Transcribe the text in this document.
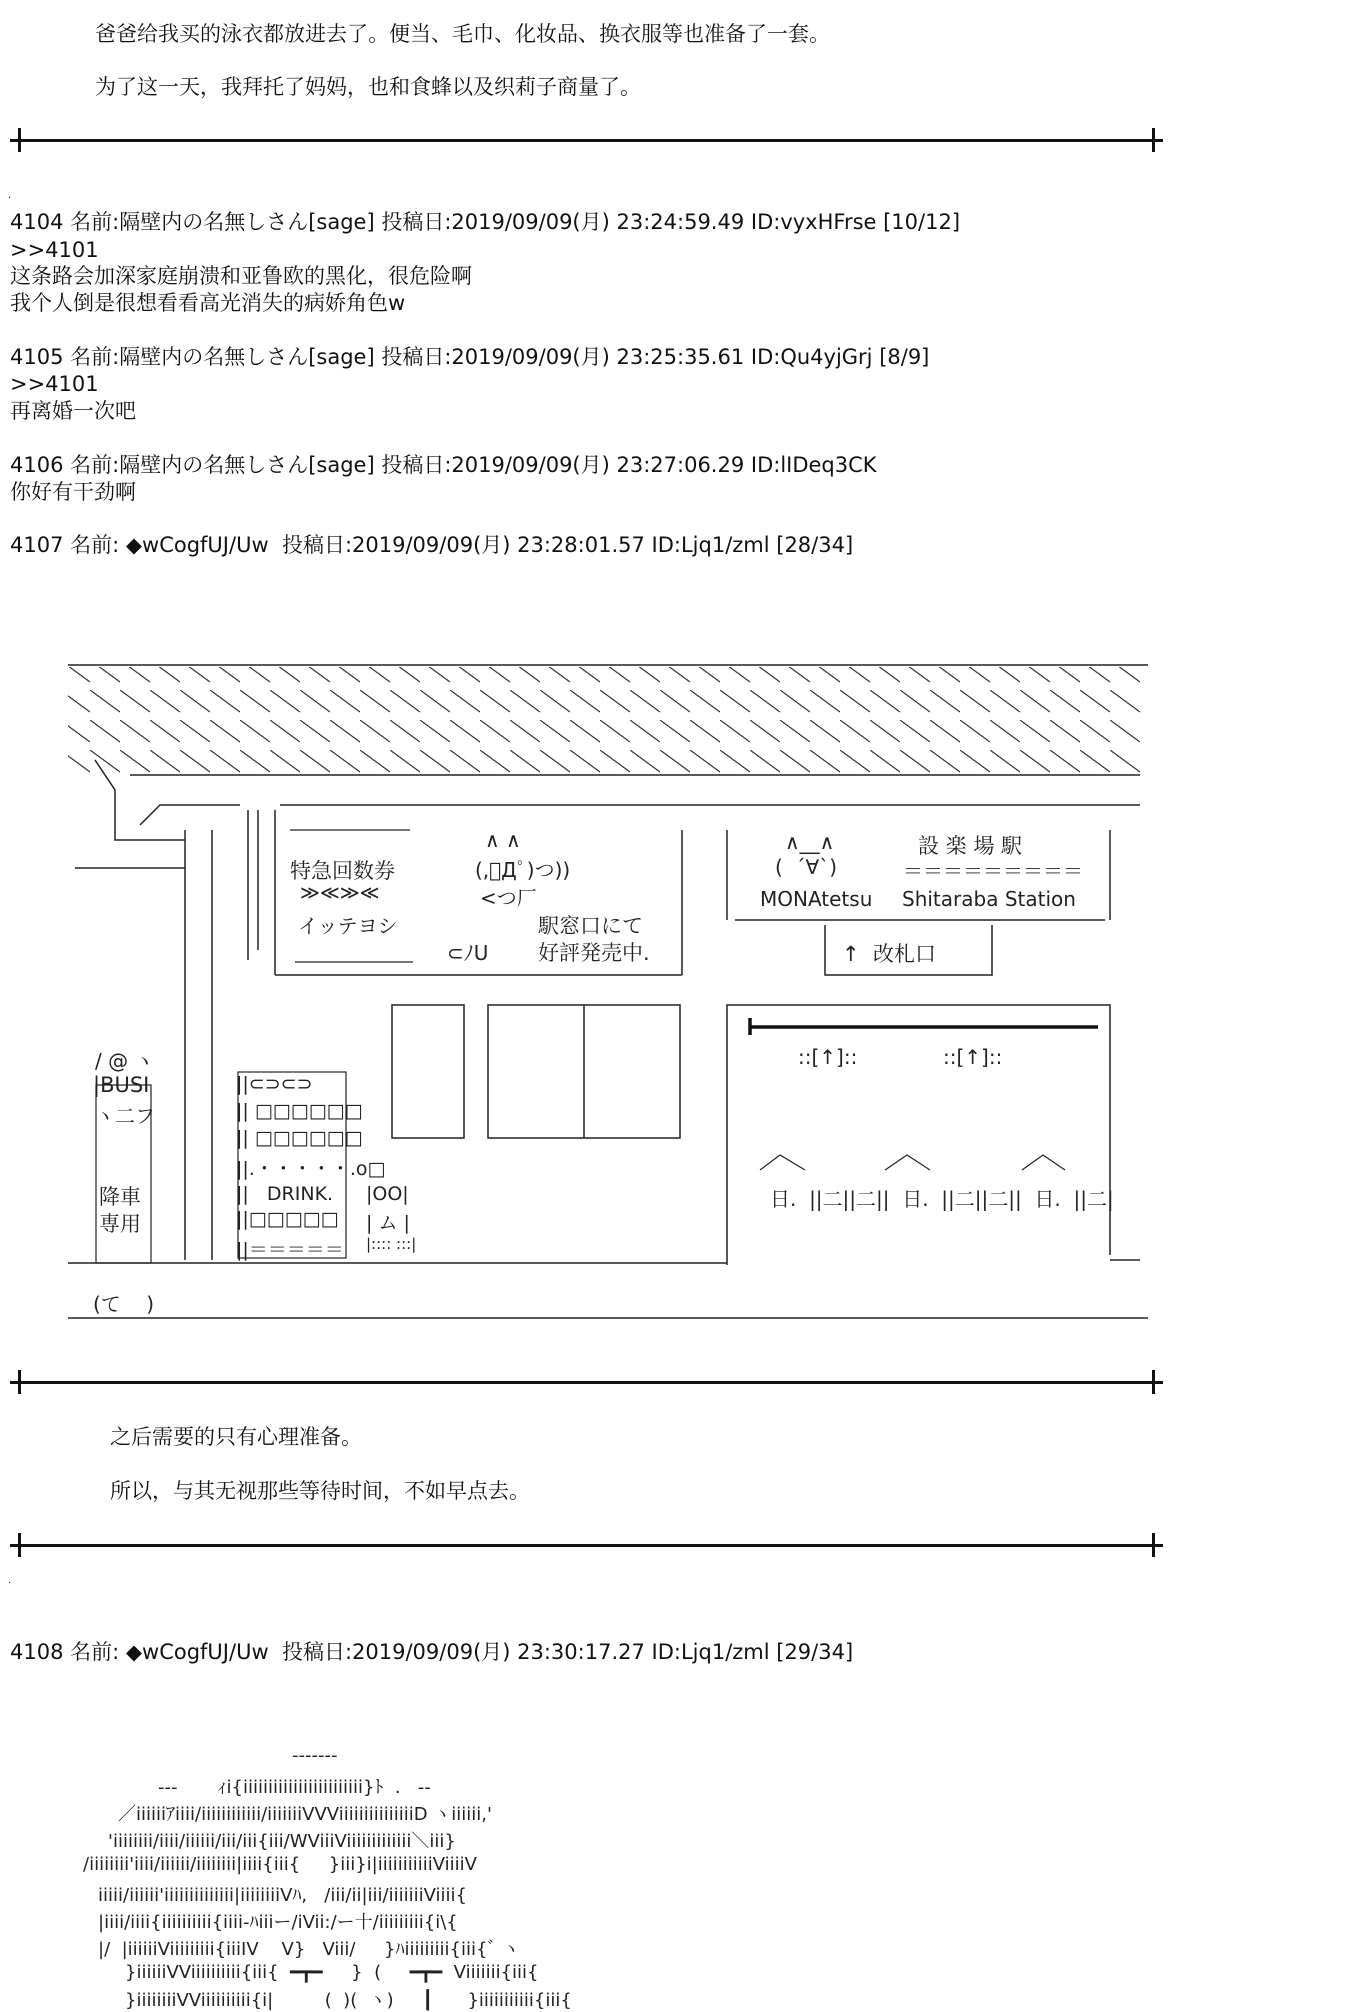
爸爸给我买的泳衣都放进去了。便当、毛巾、化妆品、换衣服等也准备了一套。
为了这一天，我拜托了妈妈，也和食蜂以及织莉子商量了。
.
4104 名前:隔壁内の名無しさん[sage] 投稿日:2019/09/09(月) 23:24:59.49 ID:vyxHFrse [10/12]
>>4101
这条路会加深家庭崩溃和亚鲁欧的黑化，很危险啊
我个人倒是很想看看高光消失的病娇角色w
4105 名前:隔壁内の名無しさん[sage] 投稿日:2019/09/09(月) 23:25:35.61 ID:Qu4yjGrj [8/9]
>>4101
再离婚一次吧
4106 名前:隔壁内の名無しさん[sage] 投稿日:2019/09/09(月) 23:27:06.29 ID:lIDeq3CK
你好有干劲啊
4107 名前: ◆wCogfUJ/Uw  投稿日:2019/09/09(月) 23:28:01.57 ID:Ljq1/zml [28/34]
特急回数券
≫≪≫≪
イッテヨシ
∧ ∧
(,ﾟДﾟ)つ))
<つ厂
⊂ﾉU
駅窓口にて
好評発売中.
∧__∧
(  ´∀`)
設 楽 場 駅
＝＝＝＝＝＝＝＝＝
MONAtetsu Shitaraba Station
↑  改札口
::[↑]::	::[↑]::
日.  ||二||二||  日.  ||二||二||  日.  ||二|
/ @ ヽ
|BUSI
ヽ二フ
降車
専用
(て    )
||⊂⊃⊂⊃
|| □□□□□□
|| □□□□□□
||.・・・・・.o□
||   DRINK.
||□□□□□
||＝＝＝＝＝
|OO|
| ム |
|:::: :::|
之后需要的只有心理准备。
所以，与其无视那些等待时间，不如早点去。
.
4108 名前: ◆wCogfUJ/Uw  投稿日:2019/09/09(月) 23:30:17.27 ID:Ljq1/zml [29/34]
-------
---       ｨi{iiiiiiiiiiiiiiiiiiiiiiii}ﾄ  .   --
／iiiiiiｱiiii/iiiiiiiiiiii/iiiiiiiVVViiiiiiiiiiiiiiiD ヽiiiiii,'
'iiiiiiii/iiii/iiiiii/iii/iii{iii/WViiiViiiiiiiiiiiii＼iii}
/iiiiiiii'iiii/iiiiii/iiiiiiii|iiii{iii{     }iii}i|iiiiiiiiiiiViiiiV
iiiii/iiiiii'iiiiiiiiiiiiii|iiiiiiiiVﾊ,   /iii/ii|iii/iiiiiiiViiii{
|iiii/iiii{iiiiiiiiii{iiii-ﾊiiiー/iVii:/ー十/iiiiiiiii{i\{
|/  |iiiiiiViiiiiiiii{iiiIV    V}   Viii/     }ﾊiiiiiiiii{iii{ﾞ ヽ
}iiiiiiVViiiiiiiiii{iii{  ━┳━     }  (     ━┳━  Viiiiiii{iii{
}iiiiiiiiVViiiiiiiiii{i|         (  )(  ヽ)     ┃      }iiiiiiiiiii{iii{
